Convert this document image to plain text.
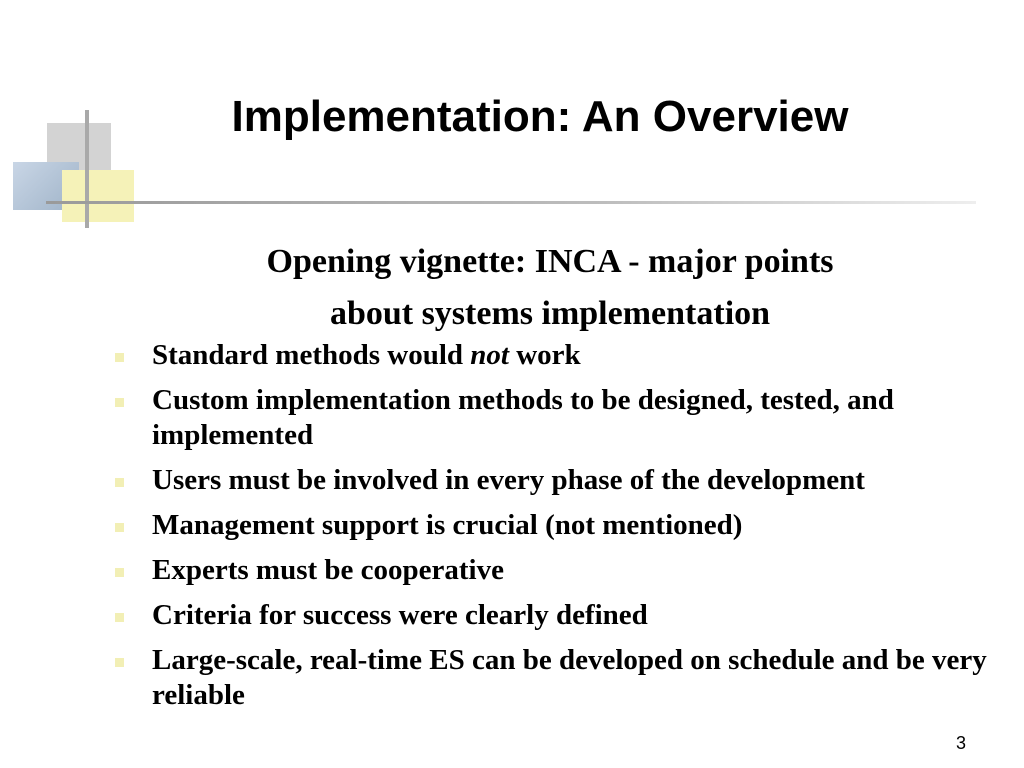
Implementation: An Overview
Opening vignette: INCA - major points
about systems implementation
Standard methods would not work
Custom implementation methods to be designed, tested, and implemented
Users must be involved in every phase of the development
Management support is crucial (not mentioned)
Experts must be cooperative
Criteria for success were clearly defined
Large-scale, real-time ES can be developed on schedule and be very reliable
3
